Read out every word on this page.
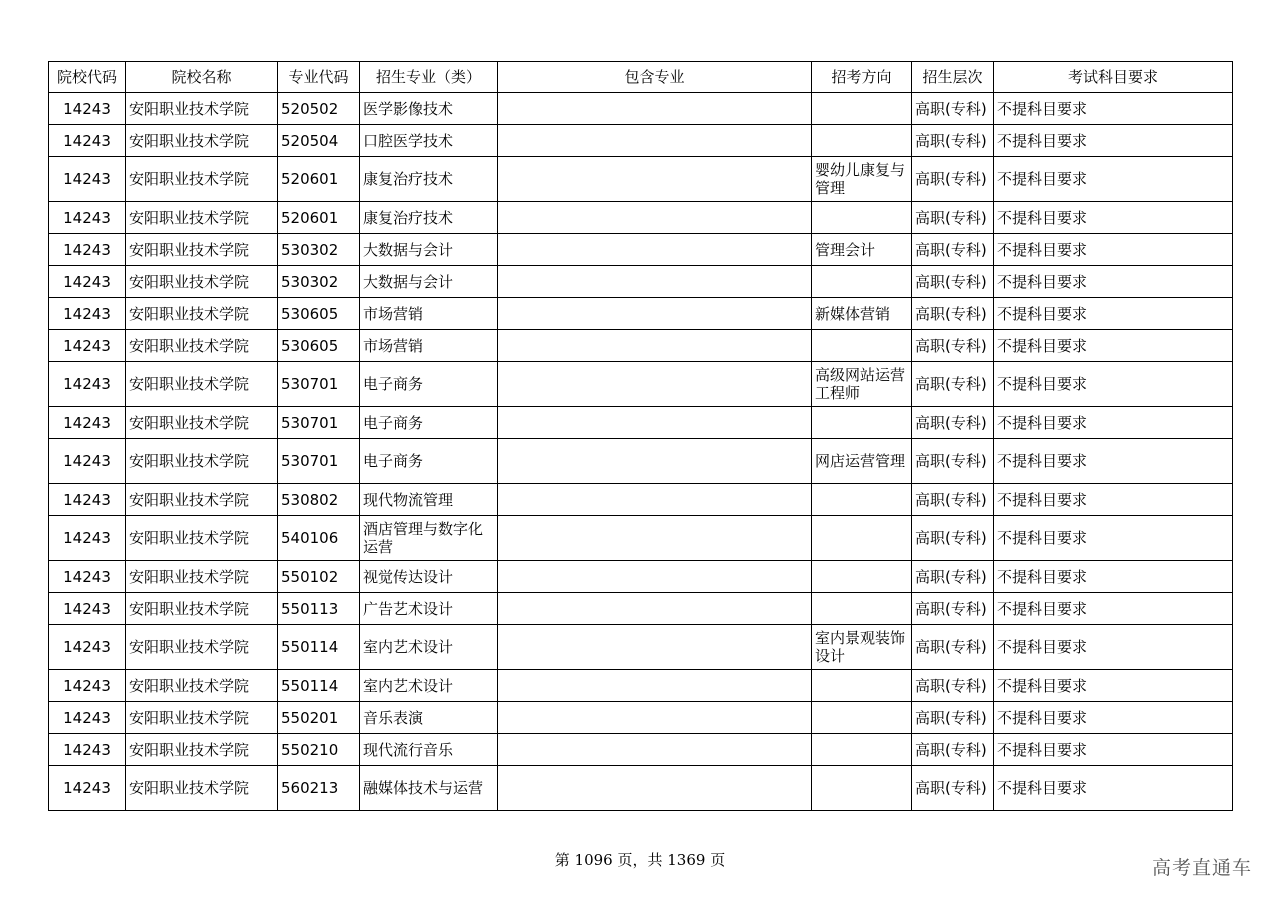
院校代码	院校名称	专业代码	招生专业（类）	包含专业	招考方向	招生层次	考试科目要求
14243	安阳职业技术学院	520502	医学影像技术			高职(专科)	不提科目要求
14243	安阳职业技术学院	520504	口腔医学技术			高职(专科)	不提科目要求
14243	安阳职业技术学院	520601	康复治疗技术		婴幼儿康复与管理	高职(专科)	不提科目要求
14243	安阳职业技术学院	520601	康复治疗技术			高职(专科)	不提科目要求
14243	安阳职业技术学院	530302	大数据与会计		管理会计	高职(专科)	不提科目要求
14243	安阳职业技术学院	530302	大数据与会计			高职(专科)	不提科目要求
14243	安阳职业技术学院	530605	市场营销		新媒体营销	高职(专科)	不提科目要求
14243	安阳职业技术学院	530605	市场营销			高职(专科)	不提科目要求
14243	安阳职业技术学院	530701	电子商务		高级网站运营工程师	高职(专科)	不提科目要求
14243	安阳职业技术学院	530701	电子商务			高职(专科)	不提科目要求
14243	安阳职业技术学院	530701	电子商务		网店运营管理	高职(专科)	不提科目要求
14243	安阳职业技术学院	530802	现代物流管理			高职(专科)	不提科目要求
14243	安阳职业技术学院	540106	酒店管理与数字化运营			高职(专科)	不提科目要求
14243	安阳职业技术学院	550102	视觉传达设计			高职(专科)	不提科目要求
14243	安阳职业技术学院	550113	广告艺术设计			高职(专科)	不提科目要求
14243	安阳职业技术学院	550114	室内艺术设计		室内景观装饰设计	高职(专科)	不提科目要求
14243	安阳职业技术学院	550114	室内艺术设计			高职(专科)	不提科目要求
14243	安阳职业技术学院	550201	音乐表演			高职(专科)	不提科目要求
14243	安阳职业技术学院	550210	现代流行音乐			高职(专科)	不提科目要求
14243	安阳职业技术学院	560213	融媒体技术与运营			高职(专科)	不提科目要求
第 1096 页，共 1369 页	高考直通车
